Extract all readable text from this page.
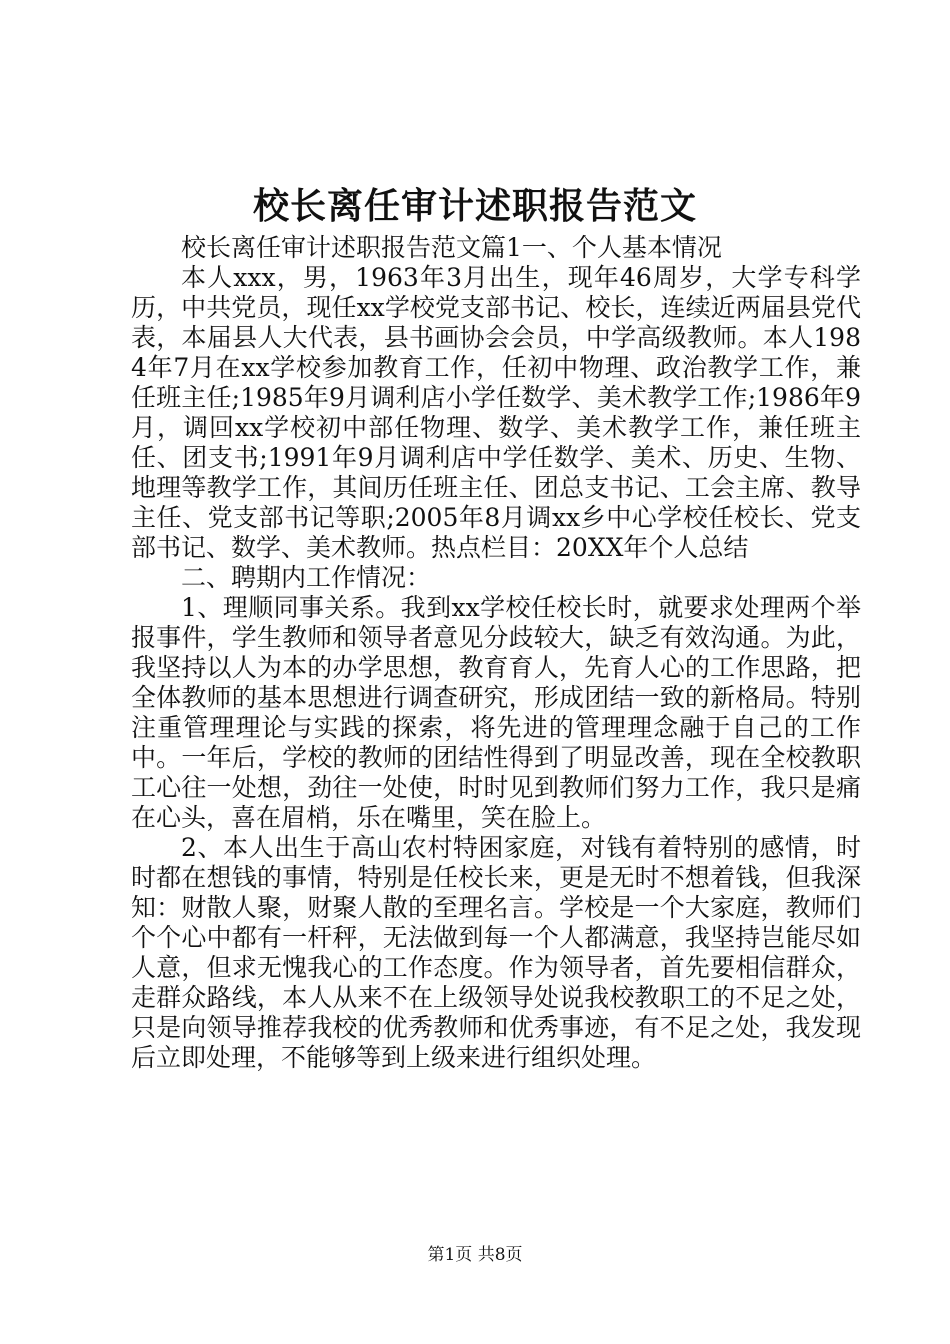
校长离任审计述职报告范文

校长离任审计述职报告范文篇1一、个人基本情况

本人xxx，男，1963年3月出生，现年46周岁，大学专科学历，中共党员，现任xx学校党支部书记、校长，连续近两届县党代表，本届县人大代表，县书画协会会员，中学高级教师。本人1984年7月在xx学校参加教育工作，任初中物理、政治教学工作，兼任班主任;1985年9月调利店小学任数学、美术教学工作;1986年9月，调回xx学校初中部任物理、数学、美术教学工作，兼任班主任、团支书;1991年9月调利店中学任数学、美术、历史、生物、地理等教学工作，其间历任班主任、团总支书记、工会主席、教导主任、党支部书记等职;2005年8月调xx乡中心学校任校长、党支部书记、数学、美术教师。热点栏目：20XX年个人总结

二、聘期内工作情况：

1、理顺同事关系。我到xx学校任校长时，就要求处理两个举报事件，学生教师和领导者意见分歧较大，缺乏有效沟通。为此，我坚持以人为本的办学思想，教育育人，先育人心的工作思路，把全体教师的基本思想进行调查研究，形成团结一致的新格局。特别注重管理理论与实践的探索，将先进的管理理念融于自己的工作中。一年后，学校的教师的团结性得到了明显改善，现在全校教职工心往一处想，劲往一处使，时时见到教师们努力工作，我只是痛在心头，喜在眉梢，乐在嘴里，笑在脸上。

2、本人出生于高山农村特困家庭，对钱有着特别的感情，时时都在想钱的事情，特别是任校长来，更是无时不想着钱，但我深知：财散人聚，财聚人散的至理名言。学校是一个大家庭，教师们个个心中都有一杆秤，无法做到每一个人都满意，我坚持岂能尽如人意，但求无愧我心的工作态度。作为领导者，首先要相信群众，走群众路线，本人从来不在上级领导处说我校教职工的不足之处，只是向领导推荐我校的优秀教师和优秀事迹，有不足之处，我发现后立即处理，不能够等到上级来进行组织处理。

第1页 共8页
